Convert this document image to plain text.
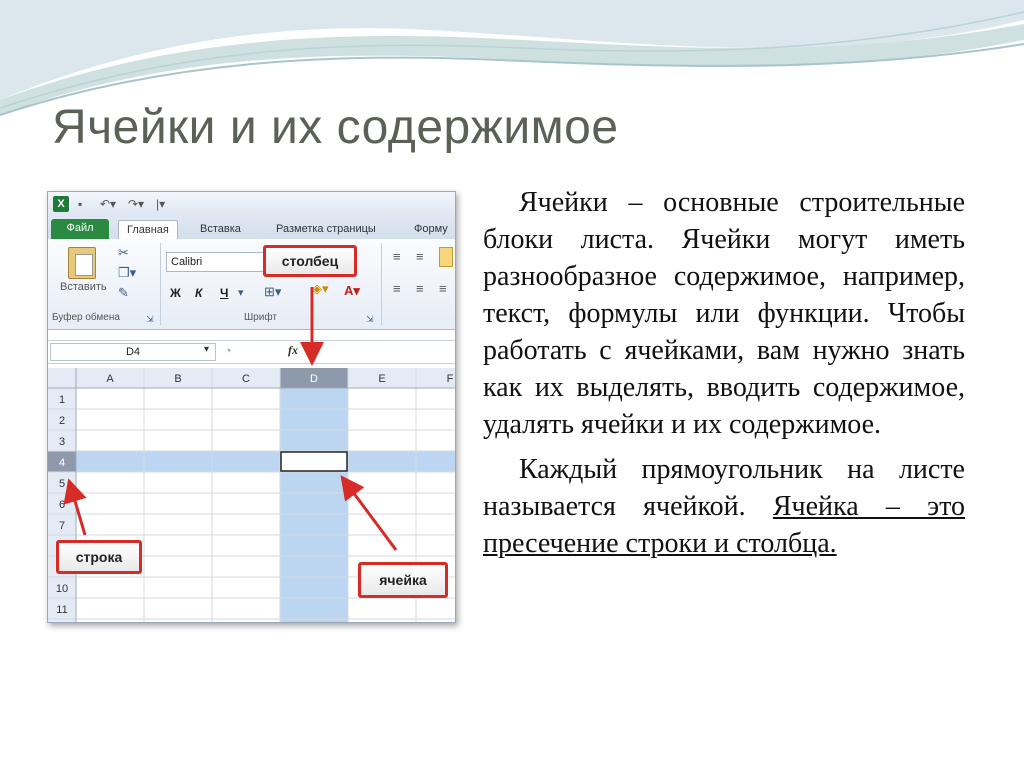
Ячейки и их содержимое
X	▪ ↶▾ ↷▾ |▾
Файл	Главная	Вставка	Разметка страницы	Форму
Вставить
✂
❐▾
✎
Буфер обмена	⇲
Calibri
Ж К Ч ▾ ⊞▾ ◈▾ A▾
Шрифт	⇲
≡ ≡
≡ ≡ ≡
столбец
D4	▾ ◔	fx
A	B	C	D	E	F
1
2
3
4
5
6
7
10
11
строка
ячейка

Ячейки – основные строительные блоки листа. Ячейки могут иметь разнообразное содержимое, например, текст, формулы или функции. Чтобы работать с ячейками, вам нужно знать как их выделять, вводить содержимое, удалять ячейки и их содержимое.

Каждый прямоугольник на листе называется ячейкой. Ячейка – это пресечение строки и столбца.
